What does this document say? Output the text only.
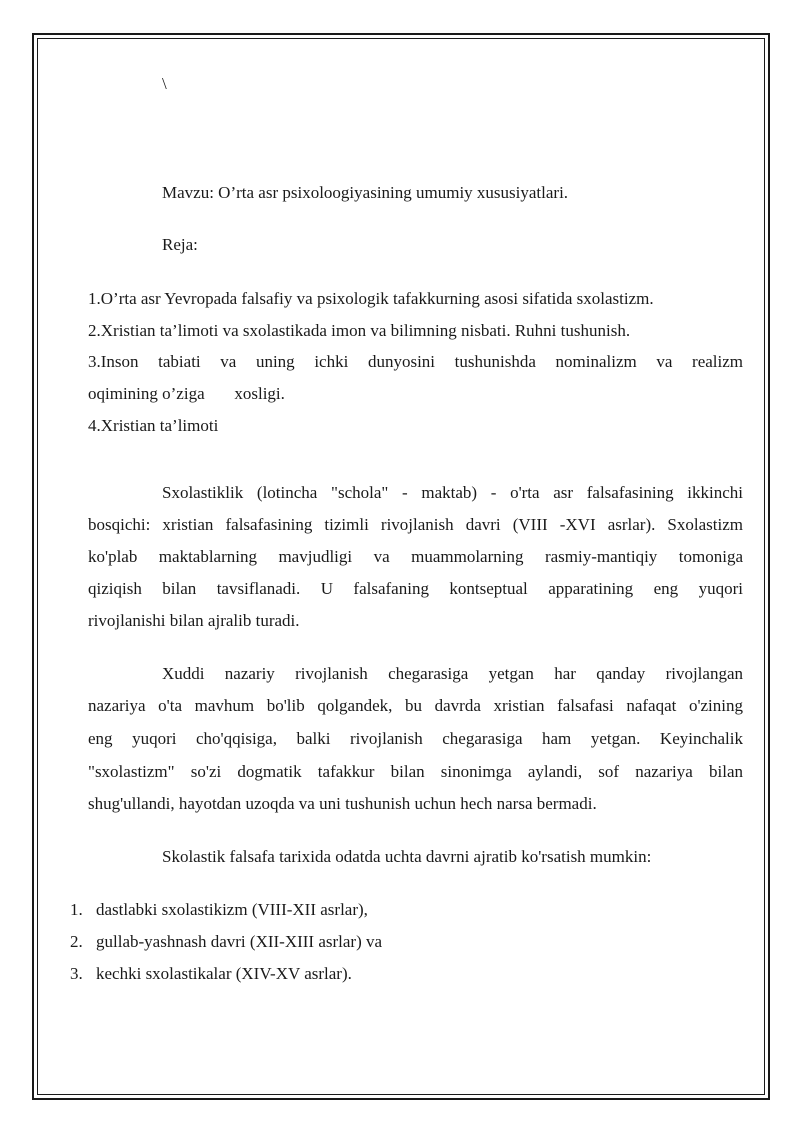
\
Mavzu: O’rta asr psixoloogiyasining umumiy xususiyatlari.
Reja:
1.O’rta asr Yevropada falsafiy va psixologik tafakkurning asosi sifatida sxolastizm.
2.Xristian ta’limoti va sxolastikada imon va bilimning nisbati. Ruhni tushunish.
3.Inson tabiati va uning ichki dunyosini tushunishda nominalizm va realizm
oqimining o’ziga       xosligi.
4.Xristian ta’limoti
Sxolastiklik (lotincha "schola" - maktab) - o'rta asr falsafasining ikkinchi
bosqichi: xristian falsafasining tizimli rivojlanish davri (VIII -XVI asrlar). Sxolastizm
ko'plab maktablarning mavjudligi va muammolarning rasmiy-mantiqiy tomoniga
qiziqish bilan tavsiflanadi. U falsafaning kontseptual apparatining eng yuqori
rivojlanishi bilan ajralib turadi.
Xuddi nazariy rivojlanish chegarasiga yetgan har qanday rivojlangan
nazariya o'ta mavhum bo'lib qolgandek, bu davrda xristian falsafasi nafaqat o'zining
eng yuqori cho'qqisiga, balki rivojlanish chegarasiga ham yetgan. Keyinchalik
"sxolastizm" so'zi dogmatik tafakkur bilan sinonimga aylandi, sof nazariya bilan
shug'ullandi, hayotdan uzoqda va uni tushunish uchun hech narsa bermadi.
Skolastik falsafa tarixida odatda uchta davrni ajratib ko'rsatish mumkin:
1. dastlabki sxolastikizm (VIII-XII asrlar),
2. gullab-yashnash davri (XII-XIII asrlar) va
3. kechki sxolastikalar (XIV-XV asrlar).
